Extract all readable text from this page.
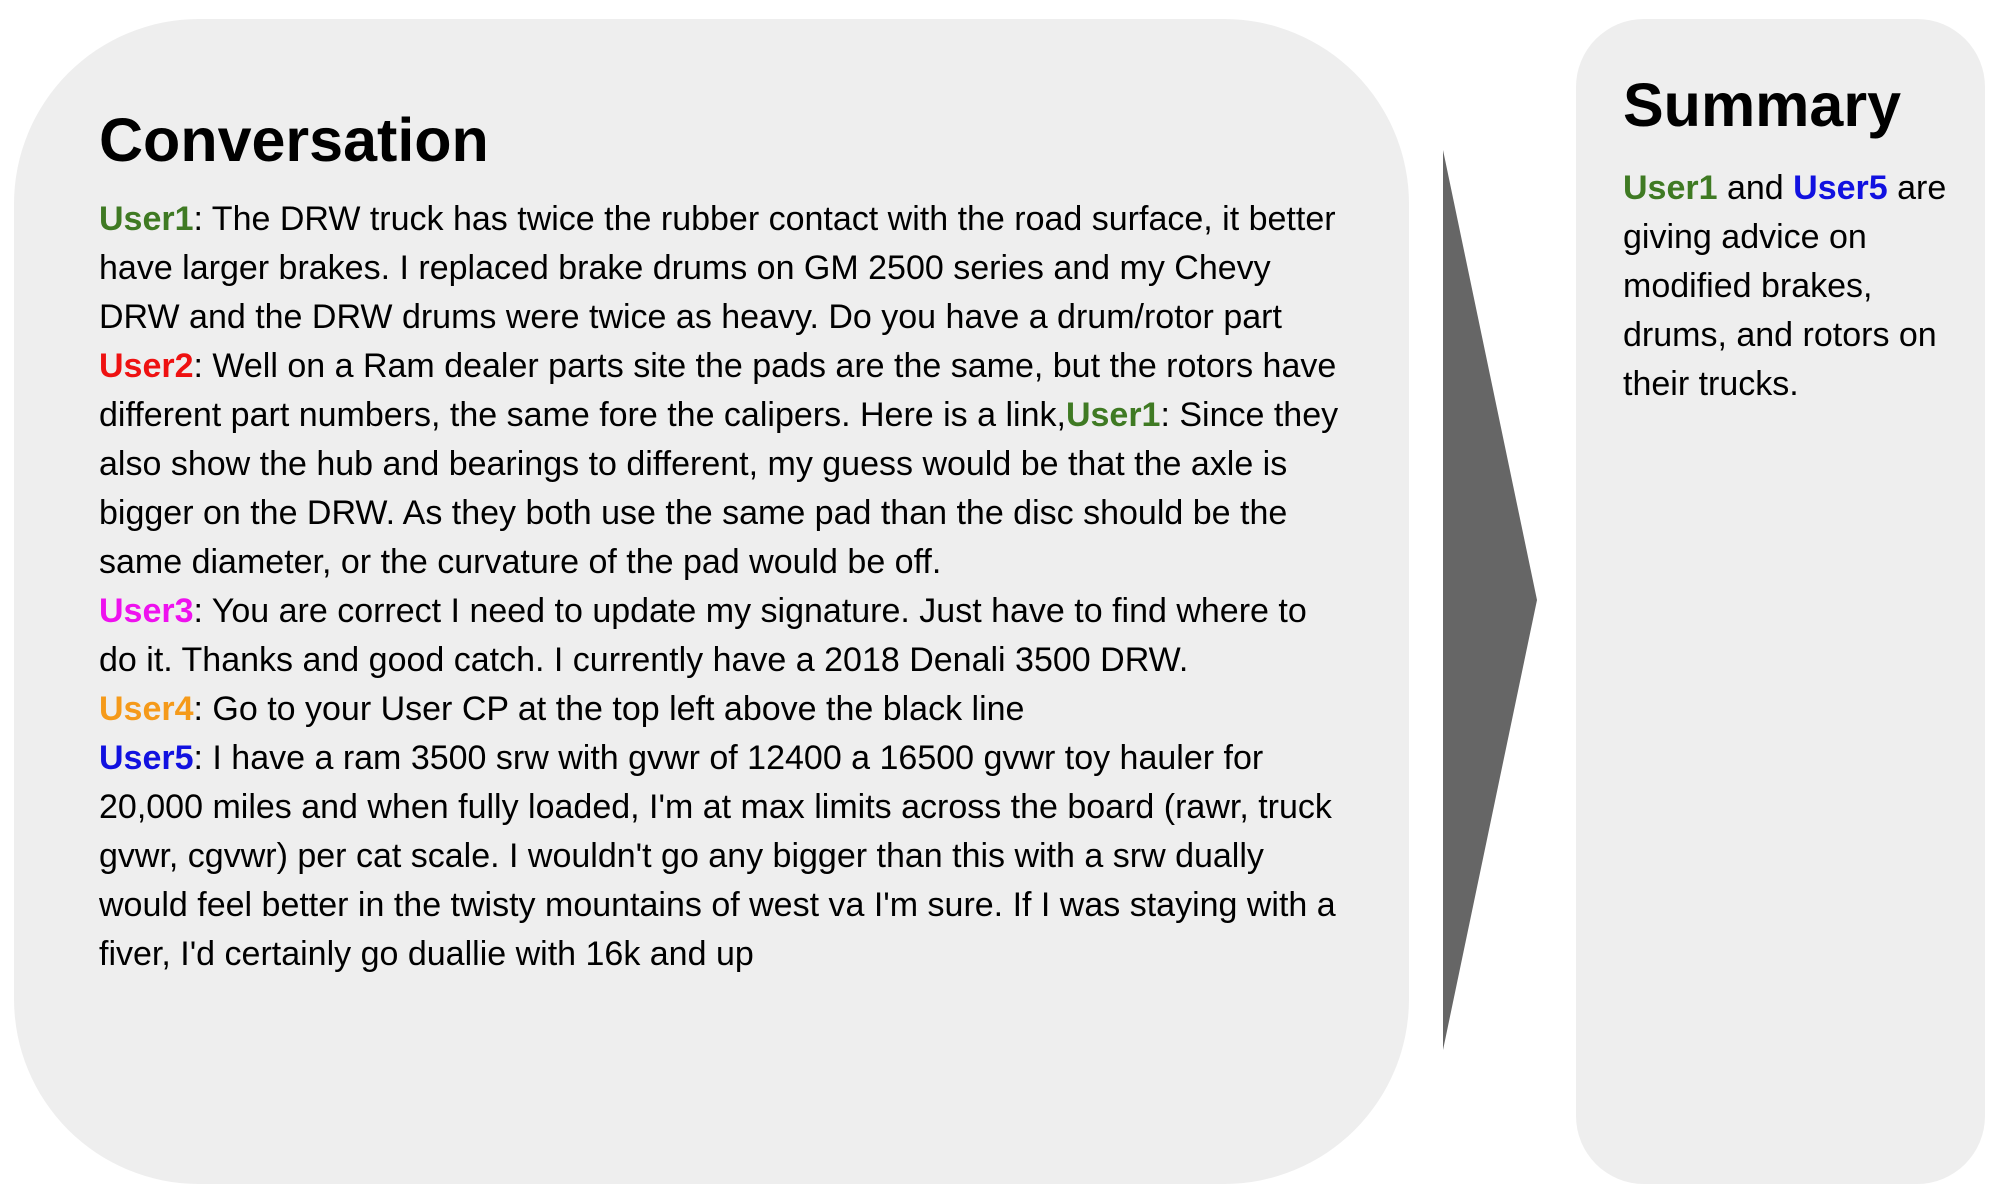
Conversation

User1: The DRW truck has twice the rubber contact with the road surface, it better have larger brakes. I replaced brake drums on GM 2500 series and my Chevy DRW and the DRW drums were twice as heavy. Do you have a drum/rotor part

User2: Well on a Ram dealer parts site the pads are the same, but the rotors have different part numbers, the same fore the calipers. Here is a link,User1: Since they also show the hub and bearings to different, my guess would be that the axle is bigger on the DRW. As they both use the same pad than the disc should be the same diameter, or the curvature of the pad would be off.

User3: You are correct I need to update my signature. Just have to find where to do it. Thanks and good catch. I currently have a 2018 Denali 3500 DRW.

User4: Go to your User CP at the top left above the black line

User5: I have a ram 3500 srw with gvwr of 12400 a 16500 gvwr toy hauler for 20,000 miles and when fully loaded, I'm at max limits across the board (rawr, truck gvwr, cgvwr) per cat scale. I wouldn't go any bigger than this with a srw dually would feel better in the twisty mountains of west va I'm sure. If I was staying with a fiver, I'd certainly go duallie with 16k and up

Summary
User1 and User5 are giving advice on modified brakes, drums, and rotors on their trucks.
